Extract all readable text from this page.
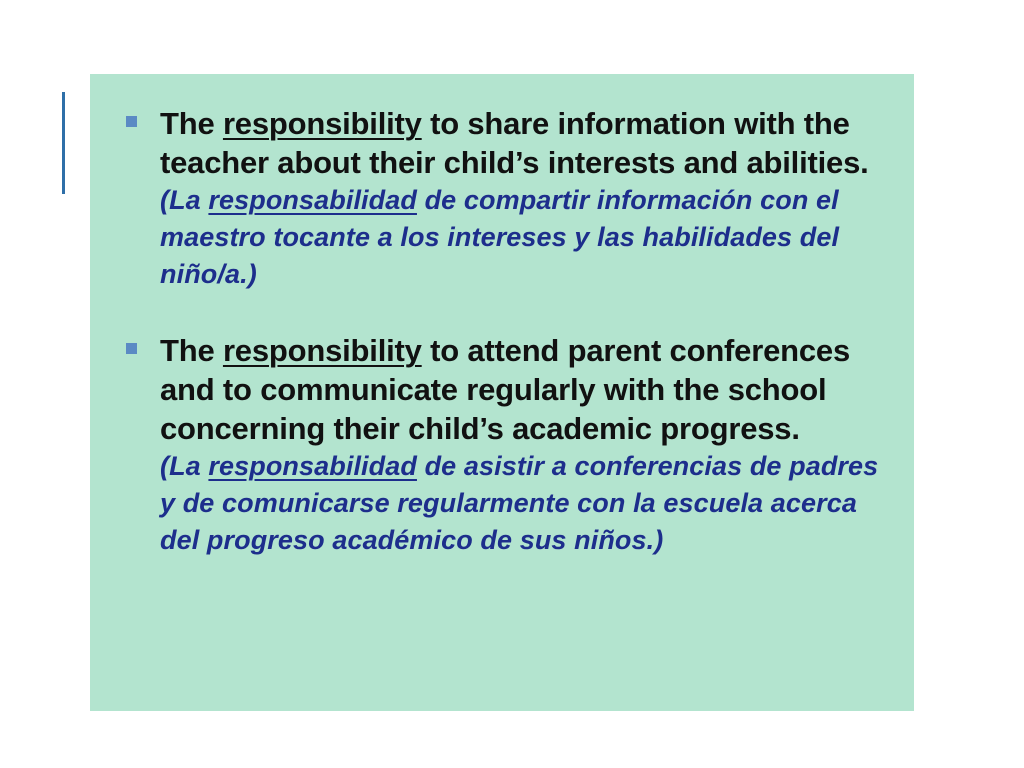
The responsibility to share information with the teacher about their child’s interests and abilities.
(La responsabilidad de compartir información con el maestro tocante a los intereses y las habilidades del niño/a.)
The responsibility to attend parent conferences and to communicate regularly with the school concerning their child’s academic progress.
(La responsabilidad de asistir a conferencias de padres y de comunicarse regularmente con la escuela acerca del progreso académico de sus niños.)
